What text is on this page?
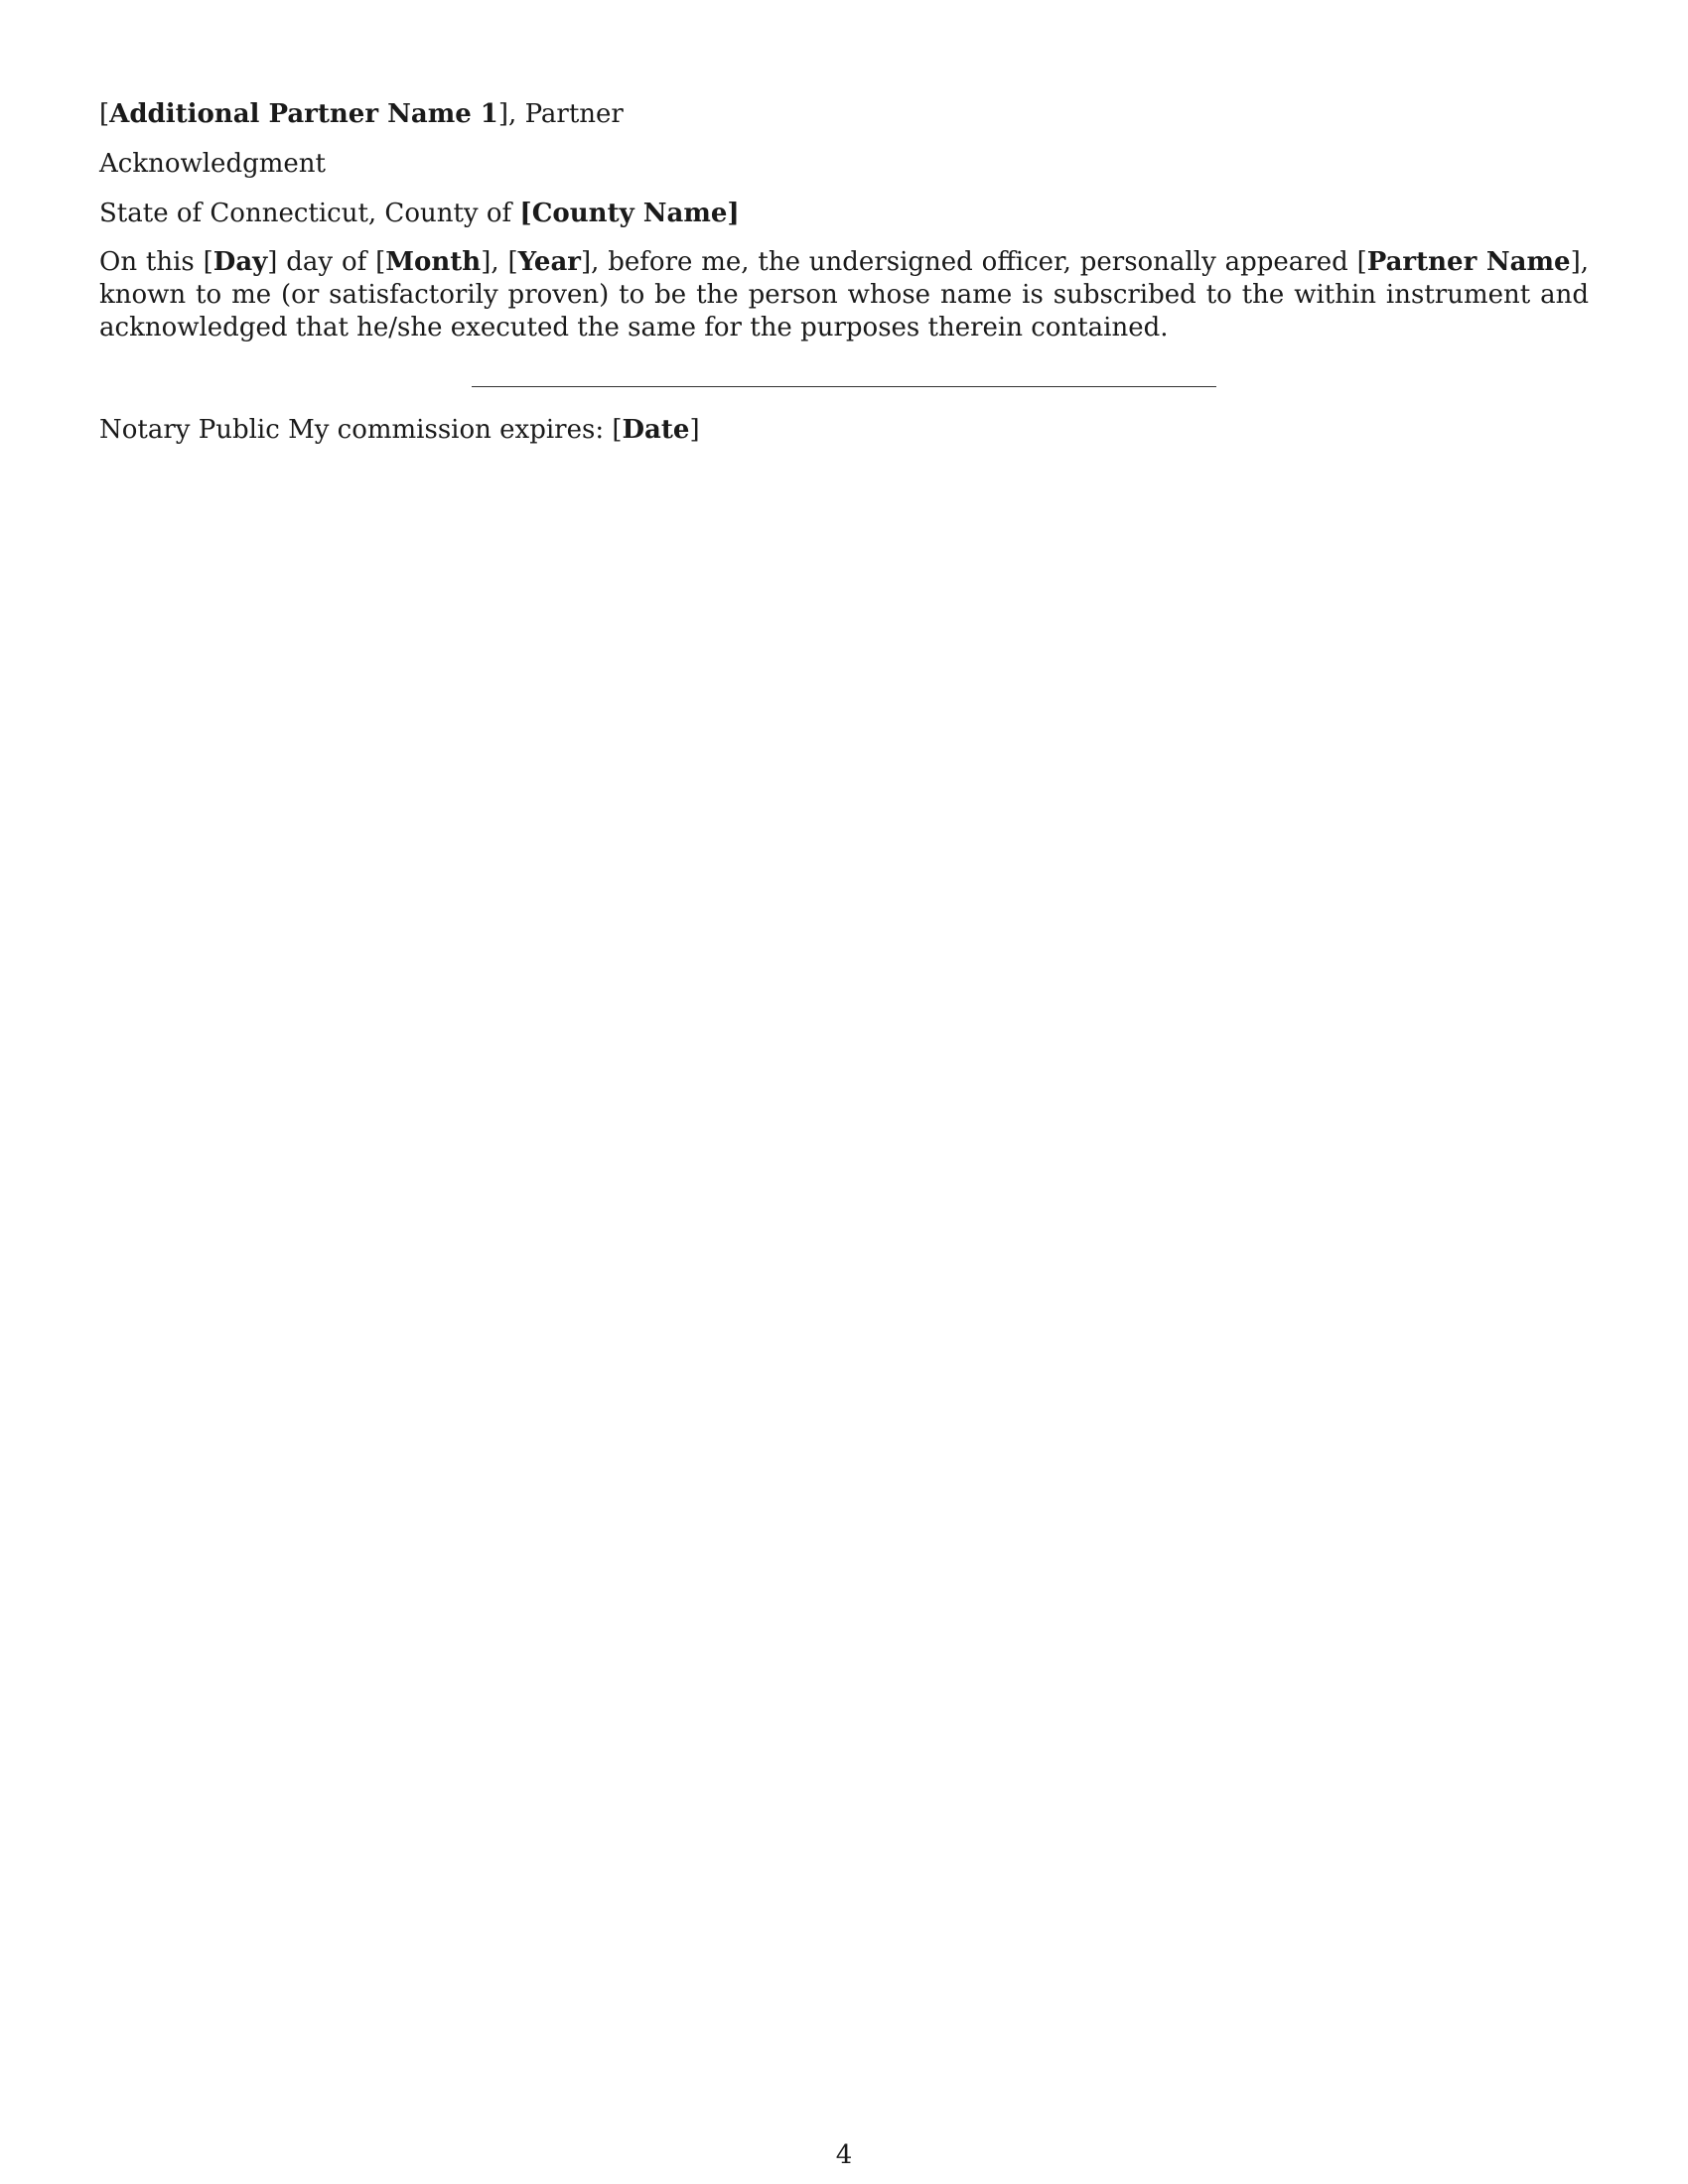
[Additional Partner Name 1], Partner

Acknowledgment

State of Connecticut, County of [County Name]

On this [Day] day of [Month], [Year], before me, the undersigned officer, personally appeared [Partner Name], known to me (or satisfactorily proven) to be the person whose name is subscribed to the within instrument and acknowledged that he/she executed the same for the purposes therein contained.

Notary Public My commission expires: [Date]

4
